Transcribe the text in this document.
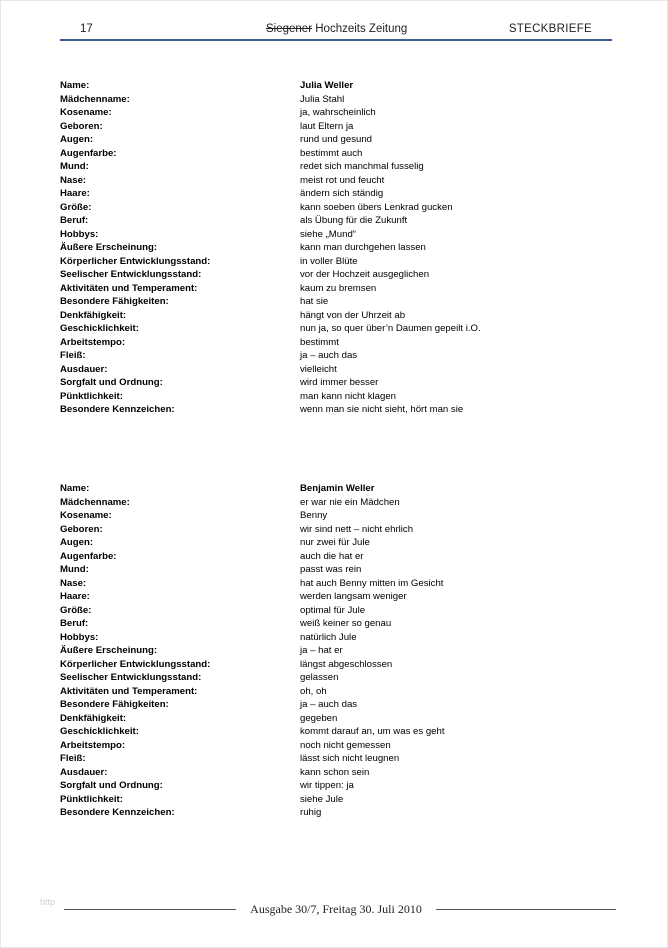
17	Siegener Hochzeits Zeitung	STECKBRIEFE
Name:	Julia Weller
Mädchenname:	Julia Stahl
Kosename:	ja, wahrscheinlich
Geboren:	laut Eltern ja
Augen:	rund und gesund
Augenfarbe:	bestimmt auch
Mund:	redet sich manchmal fusselig
Nase:	meist rot und feucht
Haare:	ändern sich ständig
Größe:	kann soeben übers Lenkrad gucken
Beruf:	als Übung für die Zukunft
Hobbys:	siehe „Mund“
Äußere Erscheinung:	kann man durchgehen lassen
Körperlicher Entwicklungsstand:	in voller Blüte
Seelischer Entwicklungsstand:	vor der Hochzeit ausgeglichen
Aktivitäten und Temperament:	kaum zu bremsen
Besondere Fähigkeiten:	hat sie
Denkfähigkeit:	hängt von der Uhrzeit ab
Geschicklichkeit:	nun ja, so quer über’n Daumen gepeilt i.O.
Arbeitstempo:	bestimmt
Fleiß:	ja – auch das
Ausdauer:	vielleicht
Sorgfalt und Ordnung:	wird immer besser
Pünktlichkeit:	man kann nicht klagen
Besondere Kennzeichen:	wenn man sie nicht sieht, hört man sie
Name:	Benjamin Weller
Mädchenname:	er war nie ein Mädchen
Kosename:	Benny
Geboren:	wir sind nett – nicht ehrlich
Augen:	nur zwei für Jule
Augenfarbe:	auch die hat er
Mund:	passt was rein
Nase:	hat auch Benny mitten im Gesicht
Haare:	werden langsam weniger
Größe:	optimal für Jule
Beruf:	weiß keiner so genau
Hobbys:	natürlich Jule
Äußere Erscheinung:	ja – hat er
Körperlicher Entwicklungsstand:	längst abgeschlossen
Seelischer Entwicklungsstand:	gelassen
Aktivitäten und Temperament:	oh, oh
Besondere Fähigkeiten:	ja – auch das
Denkfähigkeit:	gegeben
Geschicklichkeit:	kommt darauf an, um was es geht
Arbeitstempo:	noch nicht gemessen
Fleiß:	lässt sich nicht leugnen
Ausdauer:	kann schon sein
Sorgfalt und Ordnung:	wir tippen: ja
Pünktlichkeit:	siehe Jule
Besondere Kennzeichen:	ruhig
http	Ausgabe 30/7, Freitag 30. Juli 2010
